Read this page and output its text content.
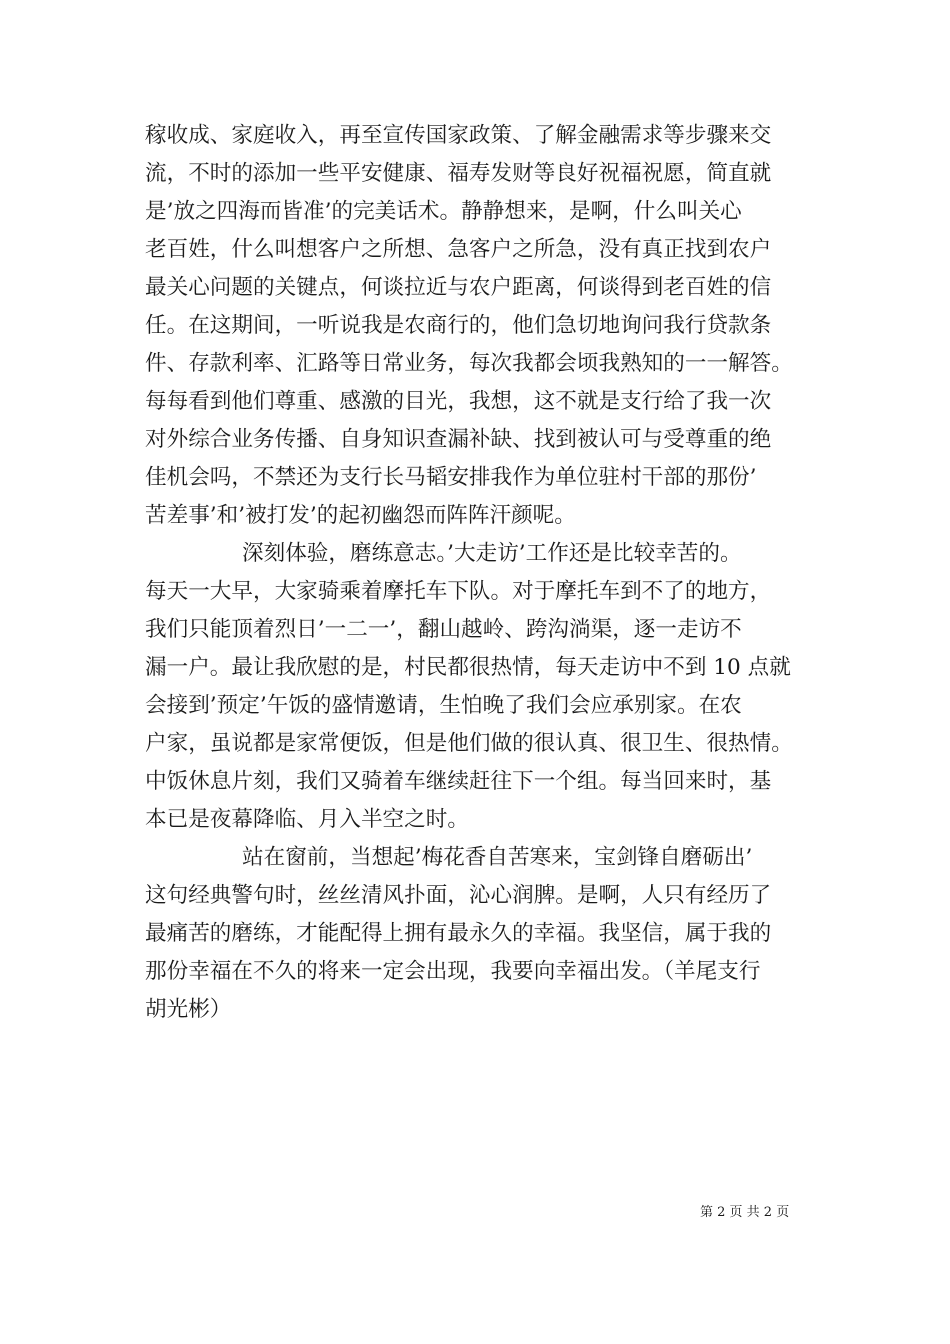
稼收成、家庭收入，再至宣传国家政策、了解金融需求等步骤来交
流，不时的添加一些平安健康、福寿发财等良好祝福祝愿，简直就
是’放之四海而皆准’的完美话术。静静想来，是啊，什么叫关心
老百姓，什么叫想客户之所想、急客户之所急，没有真正找到农户
最关心问题的关键点，何谈拉近与农户距离，何谈得到老百姓的信
任。在这期间，一听说我是农商行的，他们急切地询问我行贷款条
件、存款利率、汇路等日常业务，每次我都会顷我熟知的一一解答。
每每看到他们尊重、感激的目光，我想，这不就是支行给了我一次
对外综合业务传播、自身知识查漏补缺、找到被认可与受尊重的绝
佳机会吗，不禁还为支行长马韬安排我作为单位驻村干部的那份’
苦差事’和’被打发’的起初幽怨而阵阵汗颜呢。
深刻体验，磨练意志。’大走访’工作还是比较幸苦的。
每天一大早，大家骑乘着摩托车下队。对于摩托车到不了的地方，
我们只能顶着烈日’一二一’，翻山越岭、跨沟淌渠，逐一走访不
漏一户。最让我欣慰的是，村民都很热情，每天走访中不到 10 点就
会接到’预定’午饭的盛情邀请，生怕晚了我们会应承别家。在农
户家，虽说都是家常便饭，但是他们做的很认真、很卫生、很热情。
中饭休息片刻，我们又骑着车继续赶往下一个组。每当回来时，基
本已是夜幕降临、月入半空之时。
站在窗前，当想起’梅花香自苦寒来，宝剑锋自磨砺出’
这句经典警句时，丝丝清风扑面，沁心润脾。是啊，人只有经历了
最痛苦的磨练，才能配得上拥有最永久的幸福。我坚信，属于我的
那份幸福在不久的将来一定会出现，我要向幸福出发。（羊尾支行
胡光彬）
第 2 页 共 2 页
